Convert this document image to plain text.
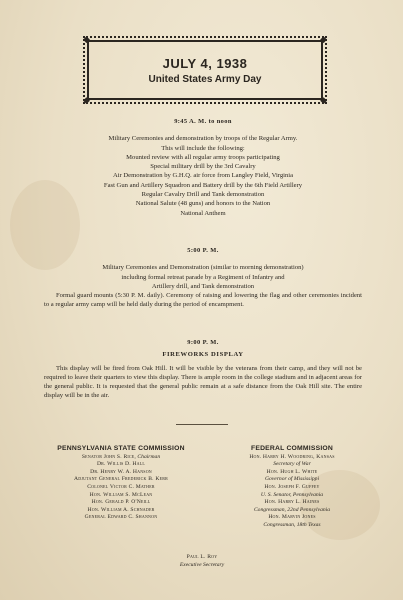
◆	◆
◆	◆
JULY 4, 1938
United States Army Day
9:45 A. M. to noon
Military Ceremonies and demonstration by troops of the Regular Army.
This will include the following:
Mounted review with all regular army troops participating
Special military drill by the 3rd Cavalry
Air Demonstration by G.H.Q. air force from Langley Field, Virginia
Fast Gun and Artillery Squadron and Battery drill by the 6th Field Artillery
Regular Cavalry Drill and Tank demonstration
National Salute (48 guns) and honors to the Nation
National Anthem
5:00 P. M.
Military Ceremonies and Demonstration (similar to morning demonstration)
including formal retreat parade by a Regiment of Infantry and
Artillery drill, and Tank demonstration
Formal guard mounts (5:30 P. M. daily). Ceremony of raising and lowering the flag and other ceremonies incident to a regular army camp will be held daily during the period of encampment.
9:00 P. M.
FIREWORKS DISPLAY
This display will be fired from Oak Hill. It will be visible by the veterans from their camp, and they will not be required to leave their quarters to view this display. There is ample room in the college stadium and in adjacent areas for the general public. It is requested that the general public remain at a safe distance from the Oak Hill site. The entire display will be in the air.
PENNSYLVANIA STATE COMMISSION
Senator John S. Rice, Chairman
Dr. Willis D. Hall
Dr. Henry W. A. Hanson
Adjutant General Frederick B. Kerr
Colonel Victor C. Mather
Hon. William S. McLean
Hon. Gerald P. O'Neill
Hon. William A. Schnader
General Edward C. Shannon
FEDERAL COMMISSION
Hon. Harry H. Woodring, Kansas
Secretary of War
Hon. Hugh L. White
Governor of Mississippi
Hon. Joseph F. Guffey
U. S. Senator, Pennsylvania
Hon. Harry L. Haines
Congressman, 22nd Pennsylvania
Hon. Marvin Jones
Congressman, 18th Texas
Paul L. Roy
Executive Secretary
